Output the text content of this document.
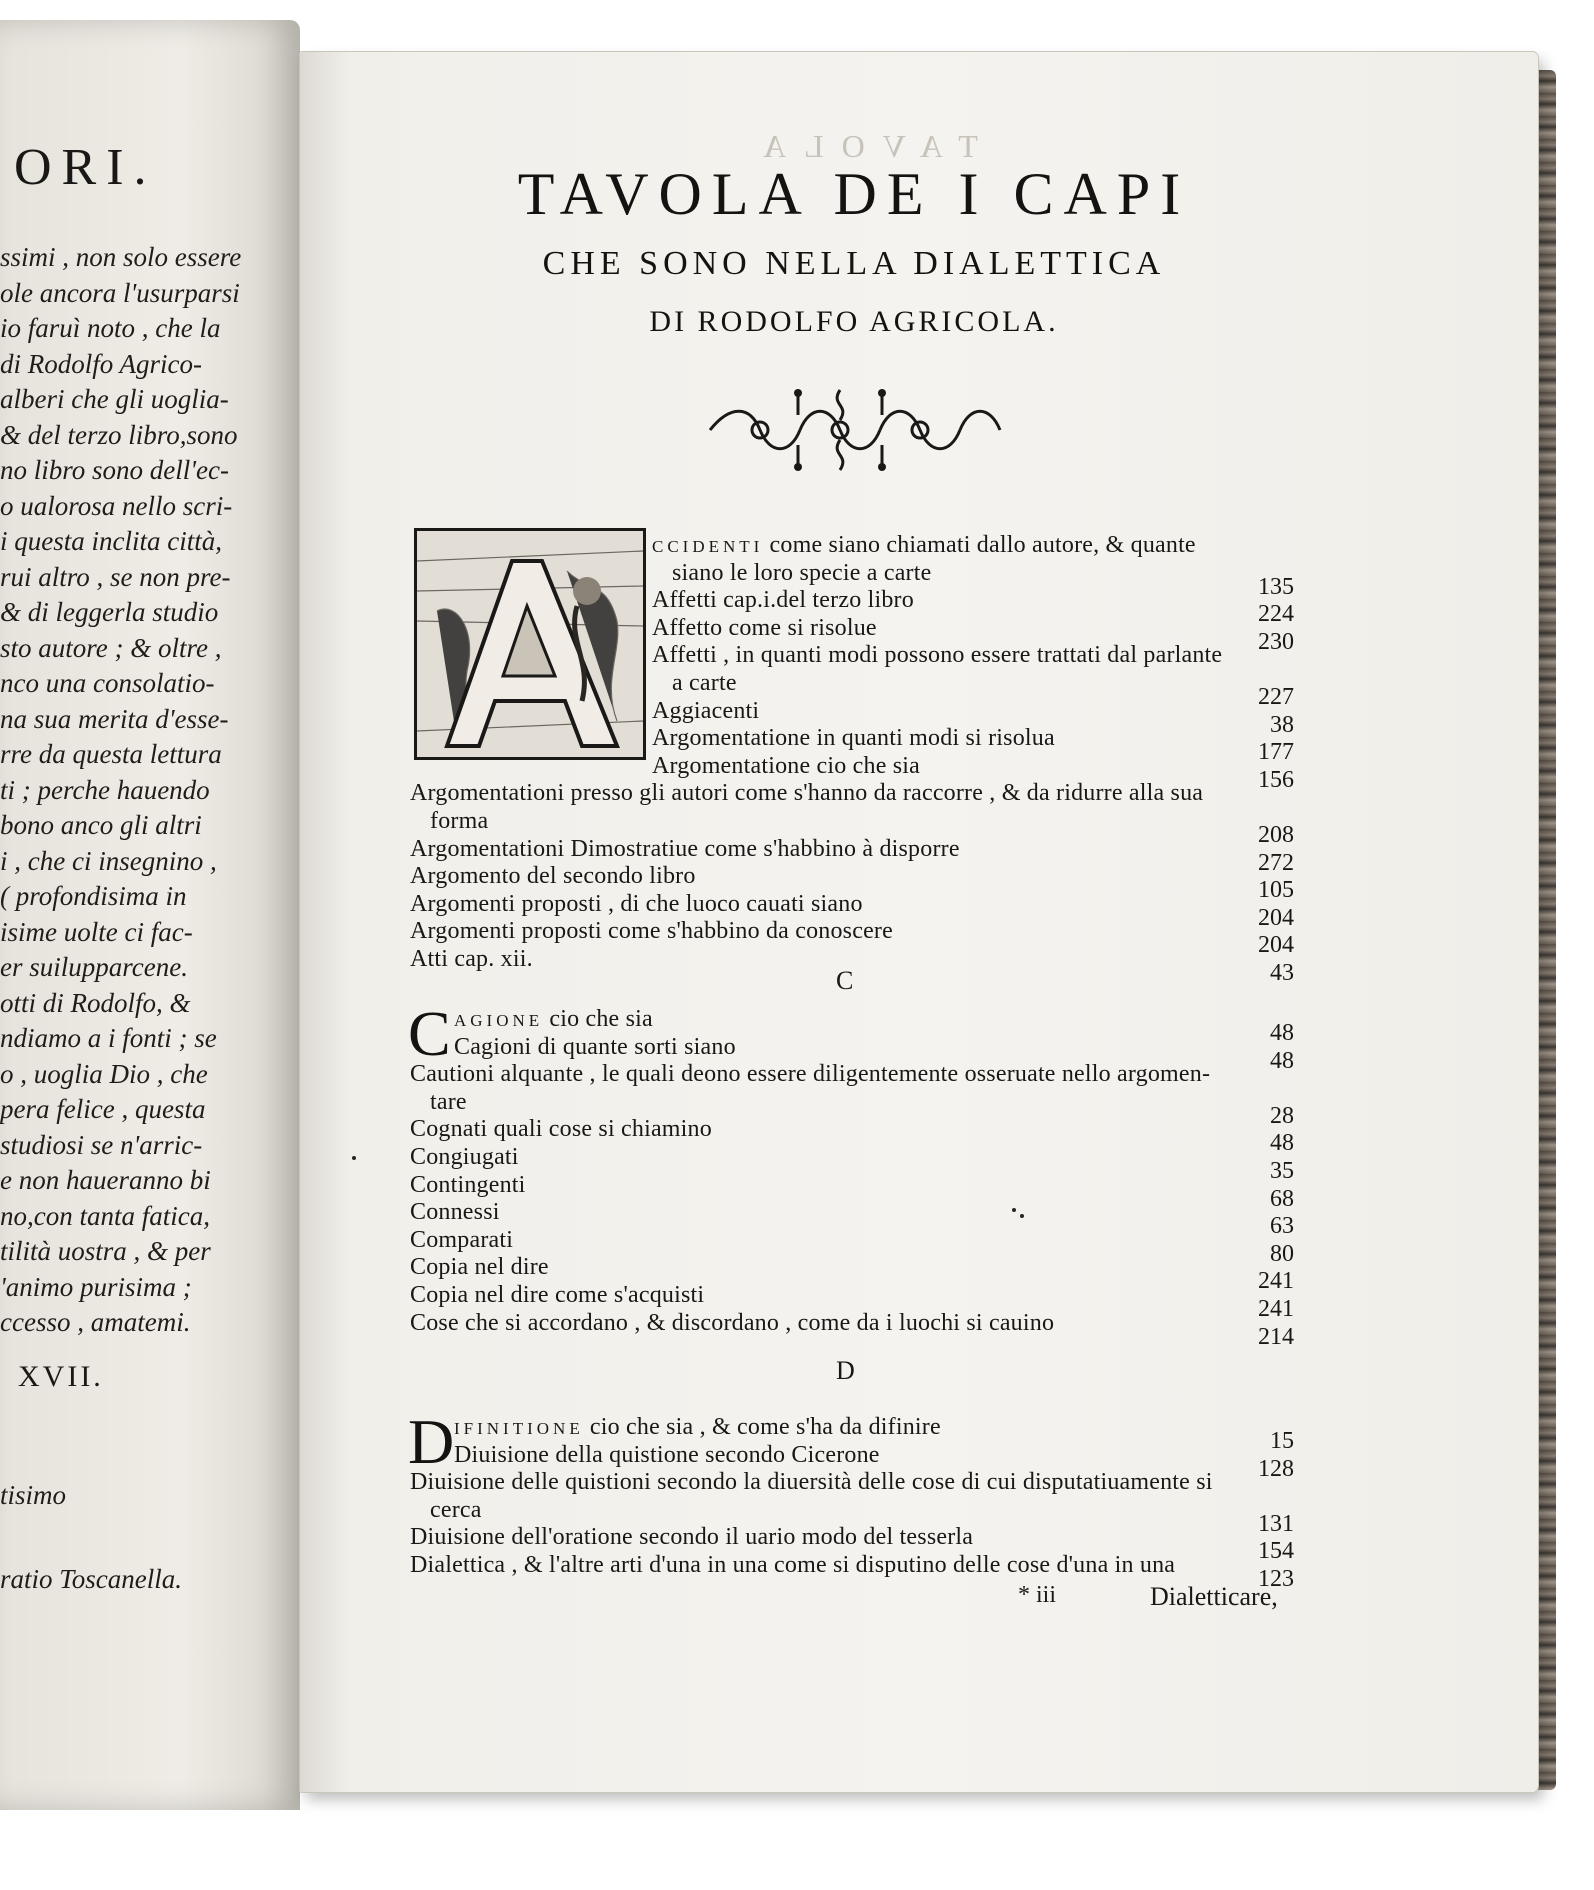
ORI.
ssimi , non solo essere
ole ancora l'usurparsi
io faruì noto , che la
di Rodolfo Agrico-
alberi che gli uoglia-
& del terzo libro,sono
no libro sono dell'ec-
o ualorosa nello scri-
i questa inclita città,
rui altro , se non pre-
& di leggerla studio
sto autore ; & oltre ,
nco una consolatio-
na sua merita d'esse-
rre da questa lettura
ti ; perche hauendo
bono anco gli altri
i , che ci insegnino ,
( profondisima in
isime uolte ci fac-
er suilupparcene.
otti di Rodolfo, &
ndiamo a i fonti ; se
o , uoglia Dio , che
pera felice , questa
studiosi se n'arric-
e non haueranno bi
no,con tanta fatica,
tilità uostra , & per
'animo purisima ;
ccesso , amatemi.
XVII.
tisimo
ratio Toscanella.

TAVOLA
TAVOLA DE I CAPI
CHE SONO NELLA DIALETTICA
DI RODOLFO AGRICOLA.
CCIDENTI come siano chiamati dallo autore, & quante
siano le loro specie a carte
135
Affetti cap.i.del terzo libro
224
Affetto come si risolue
230
Affetti , in quanti modi possono essere trattati dal parlante
a carte
227
Aggiacenti
38
Argomentatione in quanti modi si risolua
177
Argomentatione cio che sia
156
Argomentationi presso gli autori come s'hanno da raccorre , & da ridurre alla sua
forma
208
Argomentationi Dimostratiue come s'habbino à disporre
272
Argomento del secondo libro
105
Argomenti proposti , di che luoco cauati siano
204
Argomenti proposti come s'habbino da conoscere
204
Atti cap. xii.
43
C
C AGIONE cio che sia
48
Cagioni di quante sorti siano
48
Cautioni alquante , le quali deono essere diligentemente osseruate nello argomen-
tare
28
Cognati quali cose si chiamino
48
Congiugati
35
Contingenti
68
Connessi
63
Comparati
80
Copia nel dire
241
Copia nel dire come s'acquisti
241
Cose che si accordano , & discordano , come da i luochi si cauino
214
D
D IFINITIONE cio che sia , & come s'ha da difinire
15
Diuisione della quistione secondo Cicerone
128
Diuisione delle quistioni secondo la diuersità delle cose di cui disputatiuamente si
cerca
131
Diuisione dell'oratione secondo il uario modo del tesserla
154
Dialettica , & l'altre arti d'una in una come si disputino delle cose d'una in una
123
* iii	Dialetticare,
